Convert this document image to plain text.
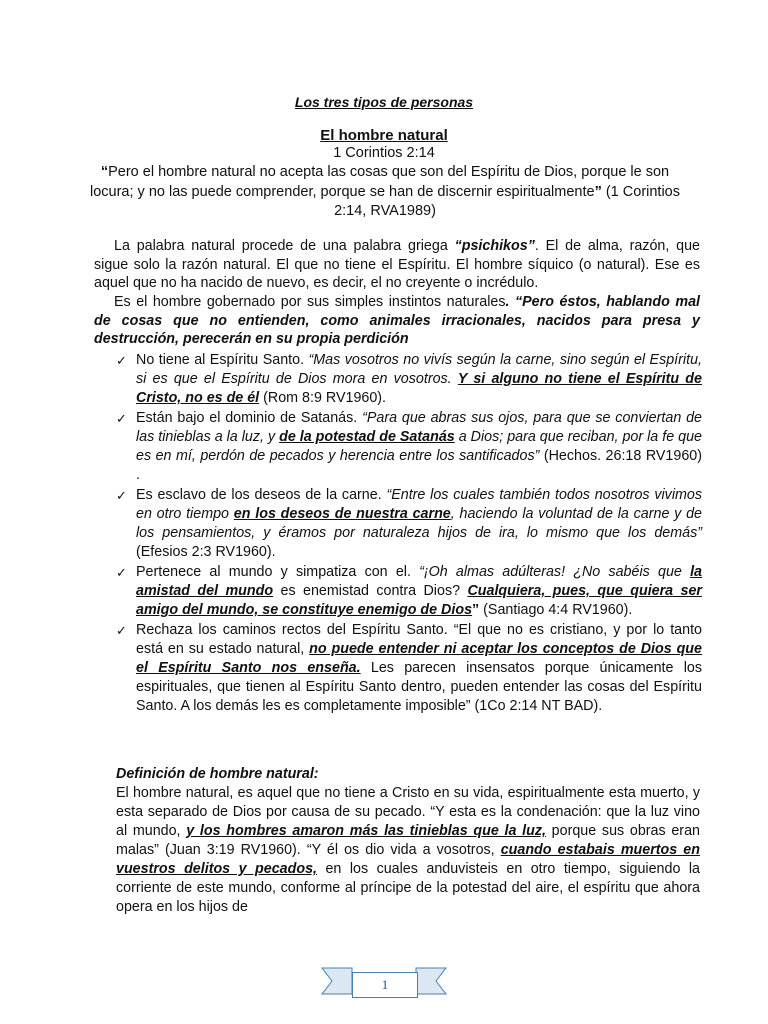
Los tres tipos de personas
El hombre natural
1 Corintios 2:14
“Pero el hombre natural no acepta las cosas que son del Espíritu de Dios, porque le son locura; y no las puede comprender, porque se han de discernir espiritualmente” (1 Corintios 2:14, RVA1989)
La palabra natural procede de una palabra griega “psichikos”. El de alma, razón, que sigue solo la razón natural. El que no tiene el Espíritu. El hombre síquico (o natural). Ese es aquel que no ha nacido de nuevo, es decir, el no creyente o incrédulo.
Es el hombre gobernado por sus simples instintos naturales. “Pero éstos, hablando mal de cosas que no entienden, como animales irracionales, nacidos para presa y destrucción, perecerán en su propia perdición
✓ No tiene al Espíritu Santo. “Mas vosotros no vivís según la carne, sino según el Espíritu, si es que el Espíritu de Dios mora en vosotros. Y si alguno no tiene el Espíritu de Cristo, no es de él (Rom 8:9 RV1960).
✓ Están bajo el dominio de Satanás. “Para que abras sus ojos, para que se conviertan de las tinieblas a la luz, y de la potestad de Satanás a Dios; para que reciban, por la fe que es en mí, perdón de pecados y herencia entre los santificados” (Hechos. 26:18 RV1960) .
✓ Es esclavo de los deseos de la carne. “Entre los cuales también todos nosotros vivimos en otro tiempo en los deseos de nuestra carne, haciendo la voluntad de la carne y de los pensamientos, y éramos por naturaleza hijos de ira, lo mismo que los demás” (Efesios 2:3 RV1960).
✓ Pertenece al mundo y simpatiza con el. “¡Oh almas adúlteras! ¿No sabéis que la amistad del mundo es enemistad contra Dios? Cualquiera, pues, que quiera ser amigo del mundo, se constituye enemigo de Dios” (Santiago 4:4 RV1960).
✓ Rechaza los caminos rectos del Espíritu Santo. “El que no es cristiano, y por lo tanto está en su estado natural, no puede entender ni aceptar los conceptos de Dios que el Espíritu Santo nos enseña. Les parecen insensatos porque únicamente los espirituales, que tienen al Espíritu Santo dentro, pueden entender las cosas del Espíritu Santo. A los demás les es completamente imposible” (1Co 2:14 NT BAD).
Definición de hombre natural:
El hombre natural, es aquel que no tiene a Cristo en su vida, espiritualmente esta muerto, y esta separado de Dios por causa de su pecado. “Y esta es la condenación: que la luz vino al mundo, y los hombres amaron más las tinieblas que la luz, porque sus obras eran malas” (Juan 3:19 RV1960). “Y él os dio vida a vosotros, cuando estabais muertos en vuestros delitos y pecados, en los cuales anduvisteis en otro tiempo, siguiendo la corriente de este mundo, conforme al príncipe de la potestad del aire, el espíritu que ahora opera en los hijos de
1
